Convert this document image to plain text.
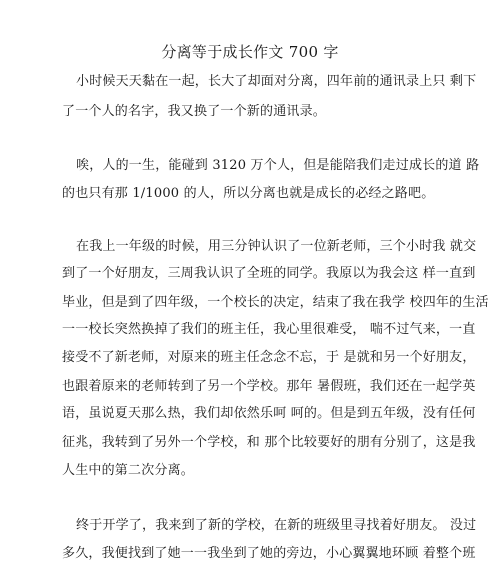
分离等于成长作文 700 字
小时候天天黏在一起，长大了却面对分离，四年前的通讯录上只 剩下
了一个人的名字，我又换了一个新的通讯录。
唉，人的一生，能碰到 3120 万个人，但是能陪我们走过成长的道 路
的也只有那 1/1000 的人，所以分离也就是成长的必经之路吧。
在我上一年级的时候，用三分钟认识了一位新老师，三个小时我 就交
到了一个好朋友，三周我认识了全班的同学。我原以为我会这 样一直到
毕业，但是到了四年级，一个校长的决定，结束了我在我学 校四年的生活
一一校长突然换掉了我们的班主任，我心里很难受， 喘不过气来，一直
接受不了新老师，对原来的班主任念念不忘，于 是就和另一个好朋友，
也跟着原来的老师转到了另一个学校。那年 暑假班，我们还在一起学英
语，虽说夏天那么热，我们却依然乐呵 呵的。但是到五年级，没有任何
征兆，我转到了另外一个学校，和 那个比较要好的朋有分别了，这是我
人生中的第二次分离。
终于开学了，我来到了新的学校，在新的班级里寻找着好朋友。 没过
多久，我便找到了她一一我坐到了她的旁边，小心翼翼地环顾 着整个班
